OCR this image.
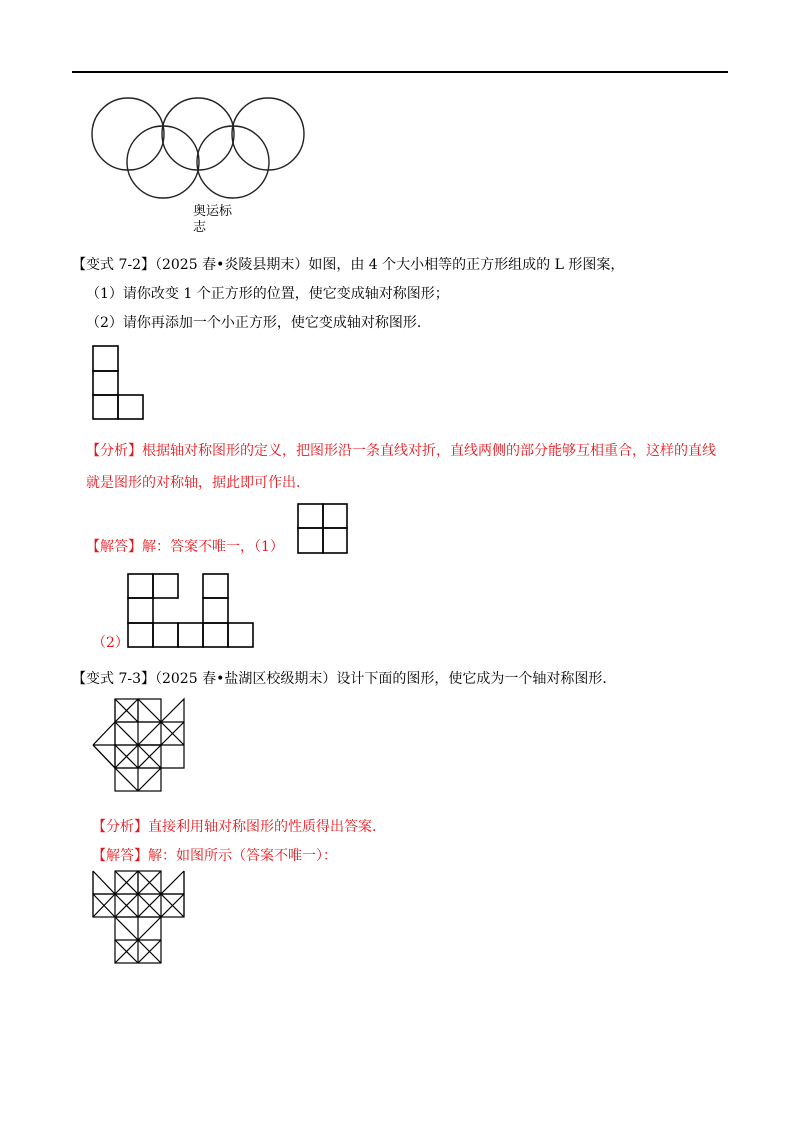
奥运标
志
【变式 7-2】（2025 春•炎陵县期末）如图，由 4 个大小相等的正方形组成的 L 形图案，
（1）请你改变 1 个正方形的位置，使它变成轴对称图形；
（2）请你再添加一个小正方形，使它变成轴对称图形．
【分析】根据轴对称图形的定义，把图形沿一条直线对折，直线两侧的部分能够互相重合，这样的直线
就是图形的对称轴，据此即可作出．
【解答】解：答案不唯一，（1）
（2）
【变式 7-3】（2025 春•盐湖区校级期末）设计下面的图形，使它成为一个轴对称图形．
【分析】直接利用轴对称图形的性质得出答案．
【解答】解：如图所示（答案不唯一）：
